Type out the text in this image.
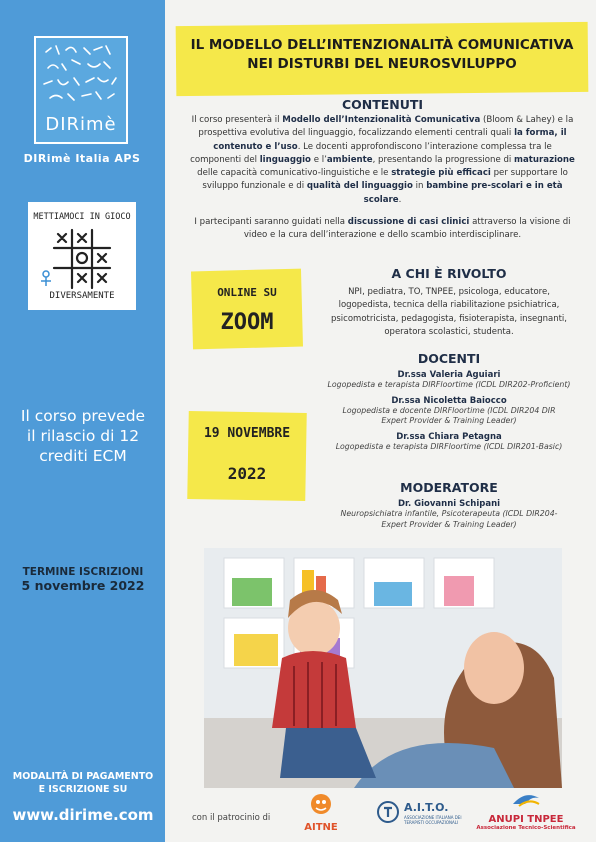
DIRimè
DIRimè Italia APS
METTIAMOCI IN GIOCO
DIVERSAMENTE
Il corso prevede
il rilascio di 12
crediti ECM
TERMINE ISCRIZIONI
5 novembre 2022
MODALITÀ DI PAGAMENTO
E ISCRIZIONE SU
www.dirime.com
IL MODELLO DELL’INTENZIONALITÀ COMUNICATIVA
NEI DISTURBI DEL NEUROSVILUPPO
CONTENUTI
Il corso presenterà il Modello dell’Intenzionalità Comunicativa (Bloom & Lahey) e la prospettiva evolutiva del linguaggio, focalizzando elementi centrali quali la forma, il contenuto e l’uso. Le docenti approfondiscono l’interazione complessa tra le componenti del linguaggio e l’ambiente, presentando la progressione di maturazione delle capacità comunicativo-linguistiche e le strategie più efficaci per supportare lo sviluppo funzionale e di qualità del linguaggio in bambine pre-scolari e in età scolare.
I partecipanti saranno guidati nella discussione di casi clinici attraverso la visione di video e la cura dell’interazione e dello scambio interdisciplinare.
ONLINE SU
ZOOM
19 NOVEMBRE
2022
A CHI È RIVOLTO
NPI, pediatra, TO, TNPEE, psicologa, educatore, logopedista, tecnica della riabilitazione psichiatrica, psicomotricista, pedagogista, fisioterapista, insegnanti, operatora scolastici, studenta.
DOCENTI
Dr.ssa Valeria Aguiari
Logopedista e terapista DIRFloortime (ICDL DIR202-Proficient)
Dr.ssa Nicoletta Baiocco
Logopedista e docente DIRFloortime (ICDL DIR204 DIR Expert Provider & Training Leader)
Dr.ssa Chiara Petagna
Logopedista e terapista DIRFloortime (ICDL DIR201-Basic)
MODERATORE
Dr. Giovanni Schipani
Neuropsichiatra infantile, Psicoterapeuta (ICDL DIR204-Expert Provider & Training Leader)
con il patrocinio di
AITNE
A.I.T.O.
ASSOCIAZIONE ITALIANA DEI TERAPISTI OCCUPAZIONALI	ANUPI TNPEE
Associazione Tecnico-Scientifica
